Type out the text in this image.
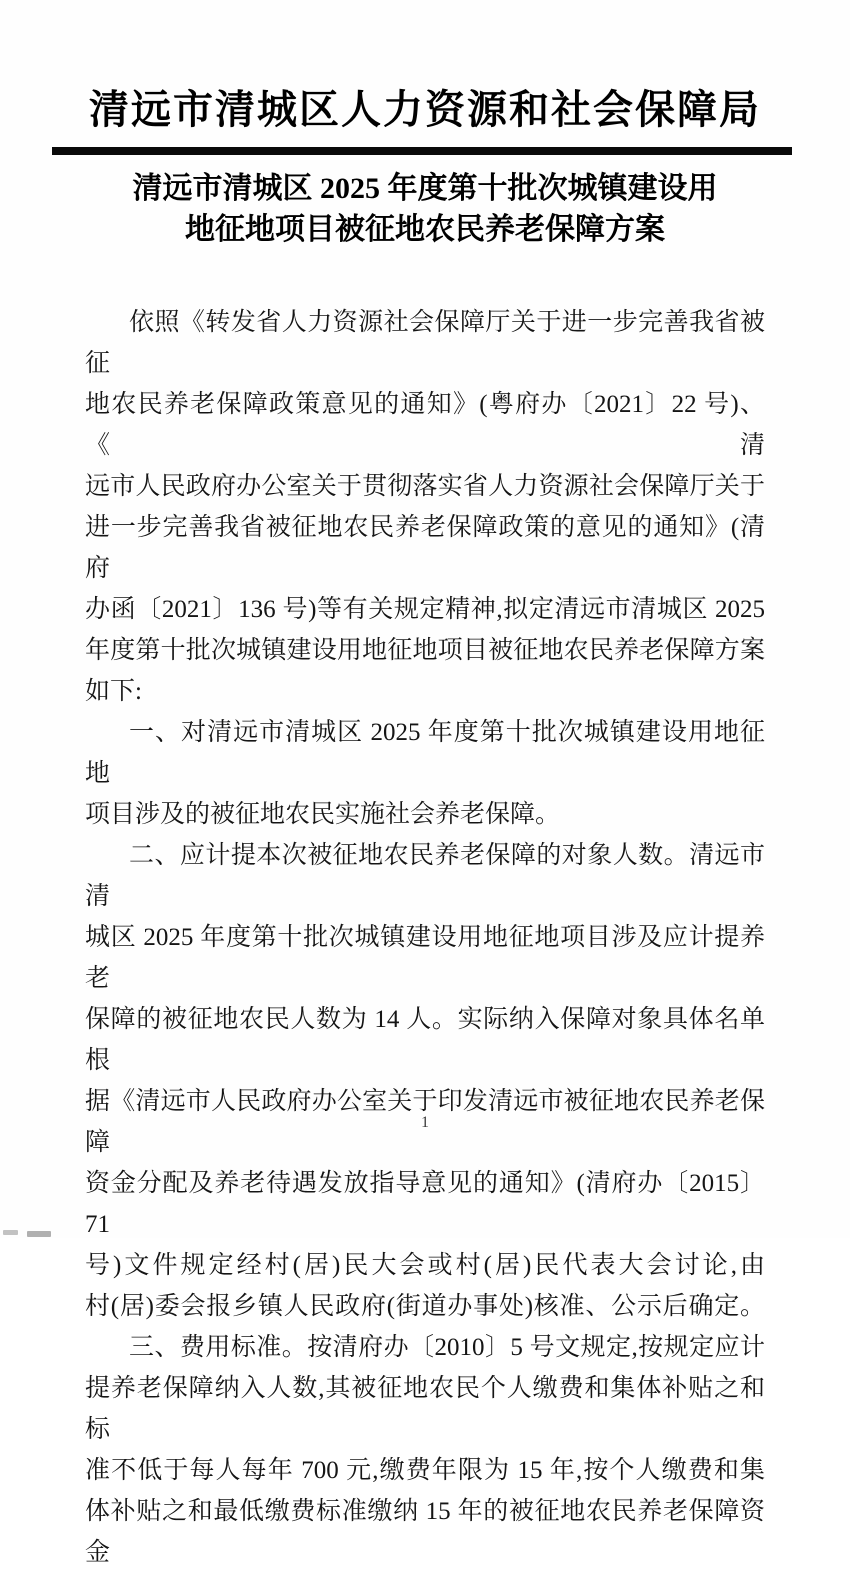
清远市清城区人力资源和社会保障局
清远市清城区 2025 年度第十批次城镇建设用
地征地项目被征地农民养老保障方案
依照《转发省人力资源社会保障厅关于进一步完善我省被征
地农民养老保障政策意见的通知》(粤府办〔2021〕22 号)、《清
远市人民政府办公室关于贯彻落实省人力资源社会保障厅关于
进一步完善我省被征地农民养老保障政策的意见的通知》(清府
办函〔2021〕136 号)等有关规定精神,拟定清远市清城区 2025
年度第十批次城镇建设用地征地项目被征地农民养老保障方案
如下:
一、对清远市清城区 2025 年度第十批次城镇建设用地征地
项目涉及的被征地农民实施社会养老保障。
二、应计提本次被征地农民养老保障的对象人数。清远市清
城区 2025 年度第十批次城镇建设用地征地项目涉及应计提养老
保障的被征地农民人数为 14 人。实际纳入保障对象具体名单根
据《清远市人民政府办公室关于印发清远市被征地农民养老保障
资金分配及养老待遇发放指导意见的通知》(清府办〔2015〕71
号)文件规定经村(居)民大会或村(居)民代表大会讨论,由
村(居)委会报乡镇人民政府(街道办事处)核准、公示后确定。
三、费用标准。按清府办〔2010〕5 号文规定,按规定应计
提养老保障纳入人数,其被征地农民个人缴费和集体补贴之和标
准不低于每人每年 700 元,缴费年限为 15 年,按个人缴费和集
体补贴之和最低缴费标准缴纳 15 年的被征地农民养老保障资金
1
